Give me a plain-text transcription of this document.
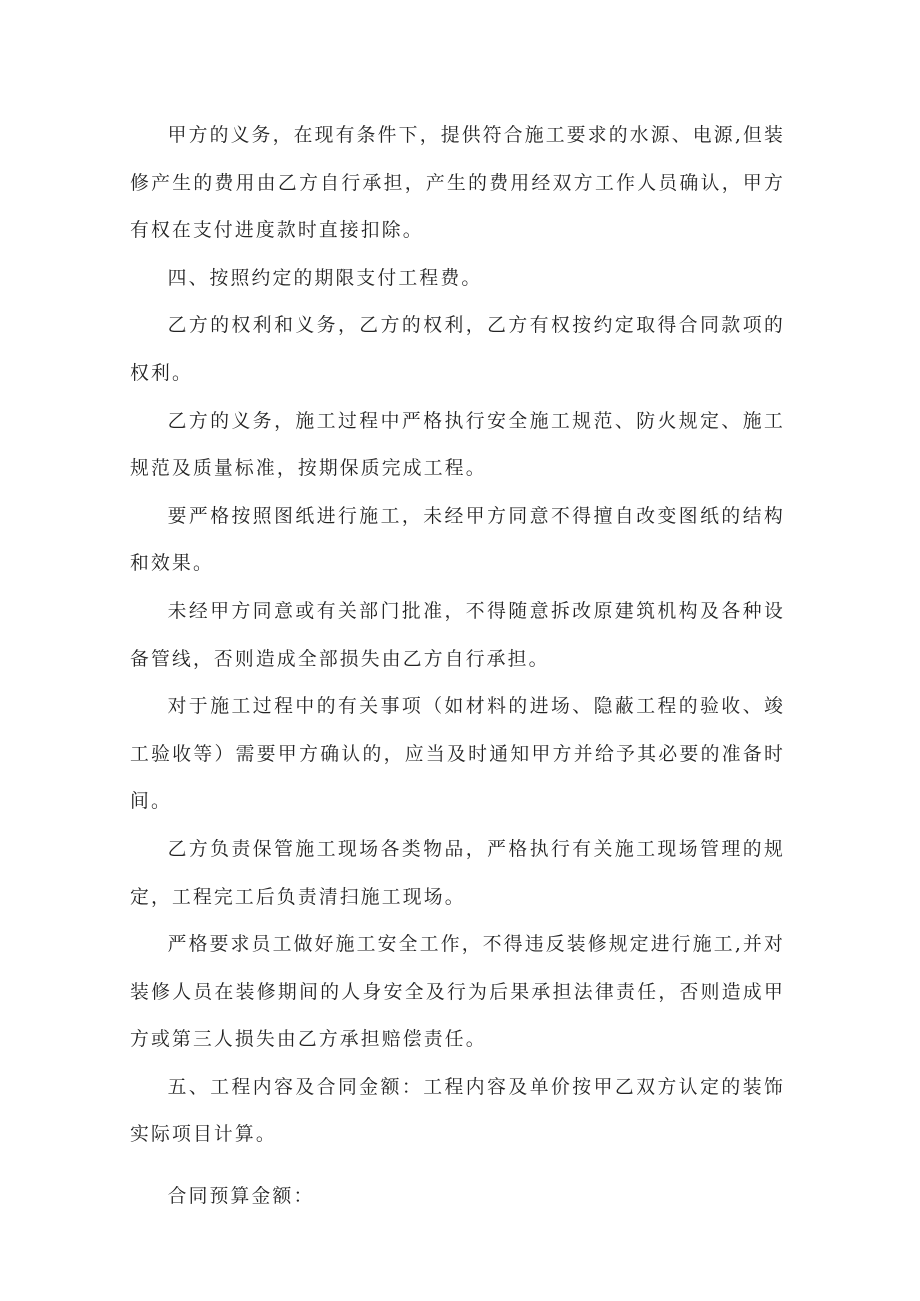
甲方的义务，在现有条件下，提供符合施工要求的水源、电源,但装修产生的费用由乙方自行承担，产生的费用经双方工作人员确认，甲方有权在支付进度款时直接扣除。

四、按照约定的期限支付工程费。

乙方的权利和义务，乙方的权利，乙方有权按约定取得合同款项的权利。

乙方的义务，施工过程中严格执行安全施工规范、防火规定、施工规范及质量标准，按期保质完成工程。

要严格按照图纸进行施工，未经甲方同意不得擅自改变图纸的结构和效果。

未经甲方同意或有关部门批准，不得随意拆改原建筑机构及各种设备管线，否则造成全部损失由乙方自行承担。

对于施工过程中的有关事项（如材料的进场、隐蔽工程的验收、竣工验收等）需要甲方确认的，应当及时通知甲方并给予其必要的准备时间。

乙方负责保管施工现场各类物品，严格执行有关施工现场管理的规定，工程完工后负责清扫施工现场。

严格要求员工做好施工安全工作，不得违反装修规定进行施工,并对装修人员在装修期间的人身安全及行为后果承担法律责任，否则造成甲方或第三人损失由乙方承担赔偿责任。

五、工程内容及合同金额：工程内容及单价按甲乙双方认定的装饰实际项目计算。

合同预算金额：
